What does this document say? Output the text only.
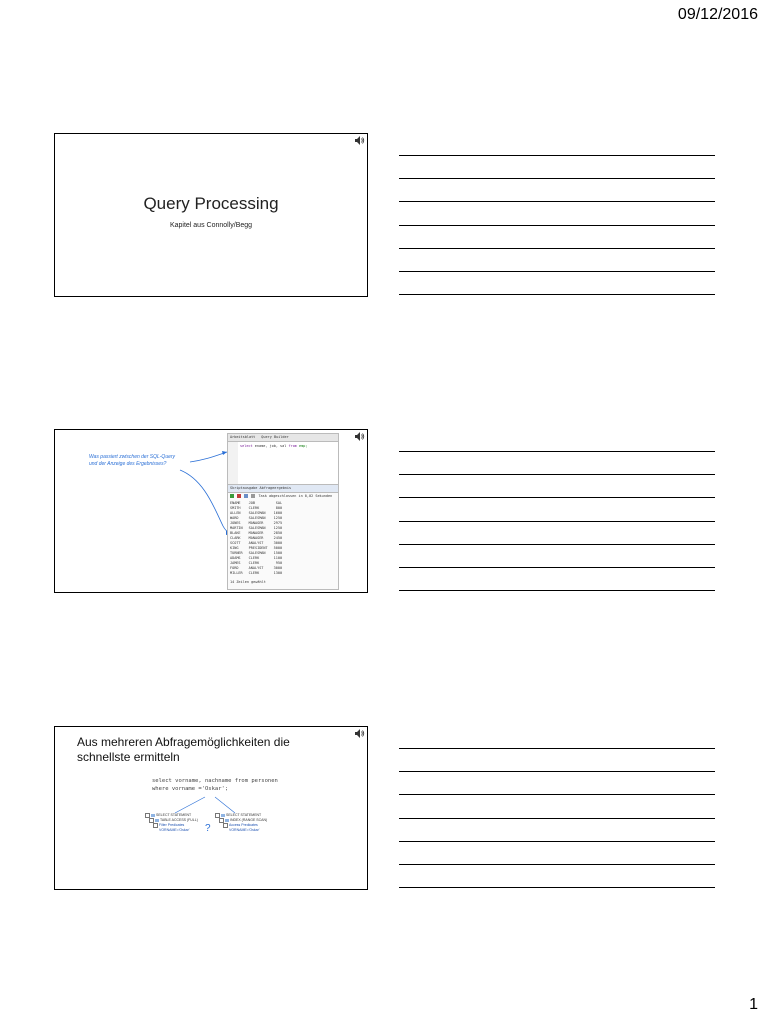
09/12/2016
Query Processing
Kapitel aus Connolly/Begg
Was passiert zwischen der SQL-Query
und der Anzeige des Ergebnisses?
Arbeitsblatt Query Builder
select ename, job, sal from emp;
Skriptausgabe Abfrageergebnis
Task abgeschlossen in 0,02 Sekunden
ENAME	JOB	SAL
SMITH	CLERK	800
ALLEN	SALESMAN	1600
WARD	SALESMAN	1250
JONES	MANAGER	2975
MARTIN	SALESMAN	1250
BLAKE	MANAGER	2850
CLARK	MANAGER	2450
SCOTT	ANALYST	3000
KING	PRESIDENT	5000
TURNER	SALESMAN	1500
ADAMS	CLERK	1100
JAMES	CLERK	950
FORD	ANALYST	3000
MILLER	CLERK	1300
14 Zeilen gewählt
Aus mehreren Abfragemöglichkeiten die
schnellste ermitteln
select vorname, nachname from personen
where vorname ='Oskar';
?
SELECT STATEMENT
TABLE ACCESS (FULL)
Filter Predicates
VORNAME='Oskar'
SELECT STATEMENT
INDEX (RANGE SCAN)
Access Predicates
VORNAME='Oskar'
1
